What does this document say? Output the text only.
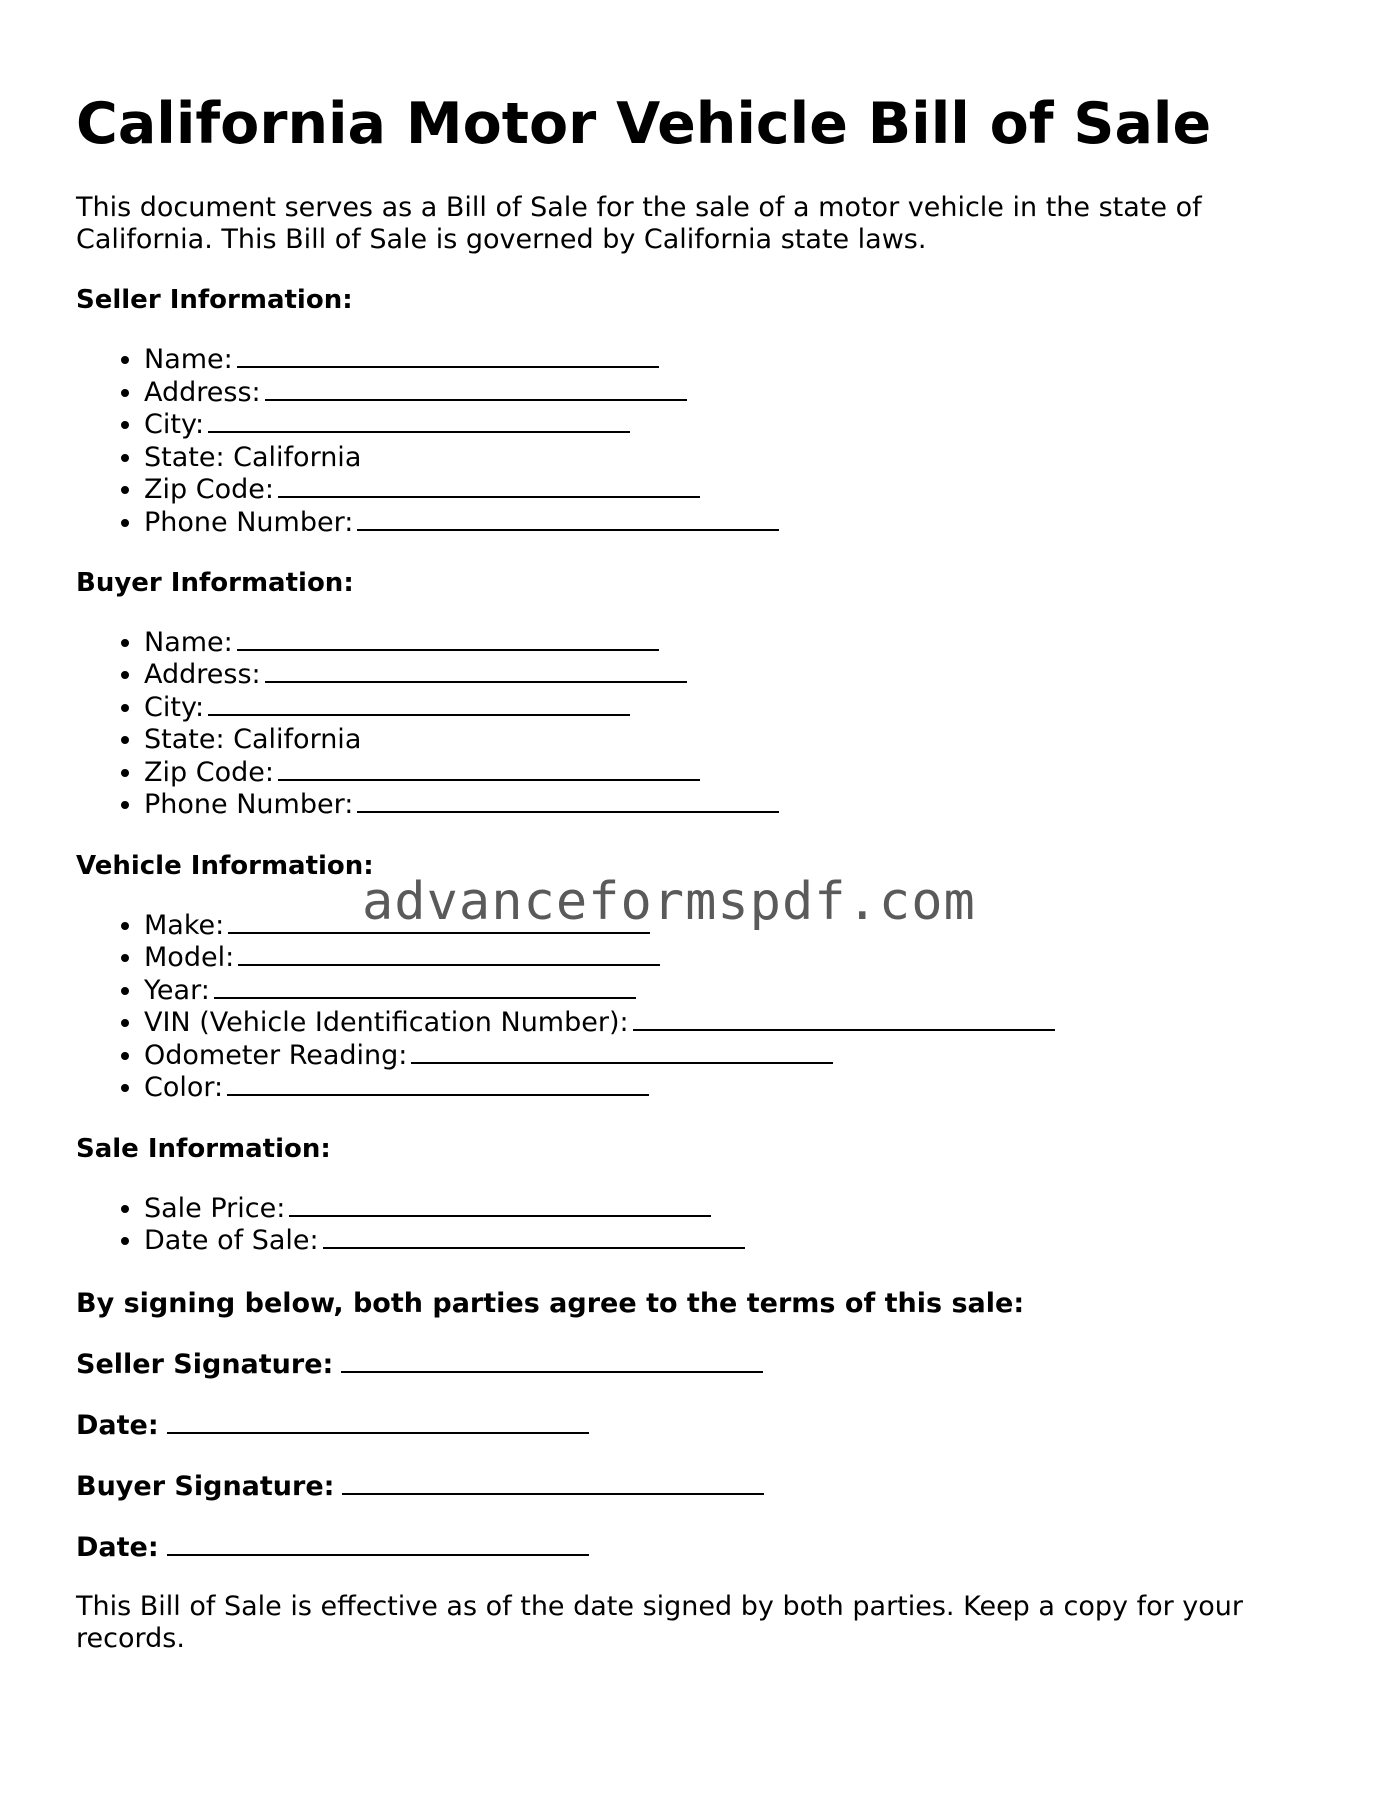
California Motor Vehicle Bill of Sale

This document serves as a Bill of Sale for the sale of a motor vehicle in the state of California. This Bill of Sale is governed by California state laws.

Seller Information:

• Name:
• Address:
• City:
• State: California
• Zip Code:
• Phone Number:

Buyer Information:

• Name:
• Address:
• City:
• State: California
• Zip Code:
• Phone Number:

Vehicle Information:

• Make:
• Model:
• Year:
• VIN (Vehicle Identification Number):
• Odometer Reading:
• Color:

Sale Information:

• Sale Price:
• Date of Sale:

By signing below, both parties agree to the terms of this sale:

Seller Signature:

Date:

Buyer Signature:

Date:

This Bill of Sale is effective as of the date signed by both parties. Keep a copy for your records.

advanceformspdf.com
